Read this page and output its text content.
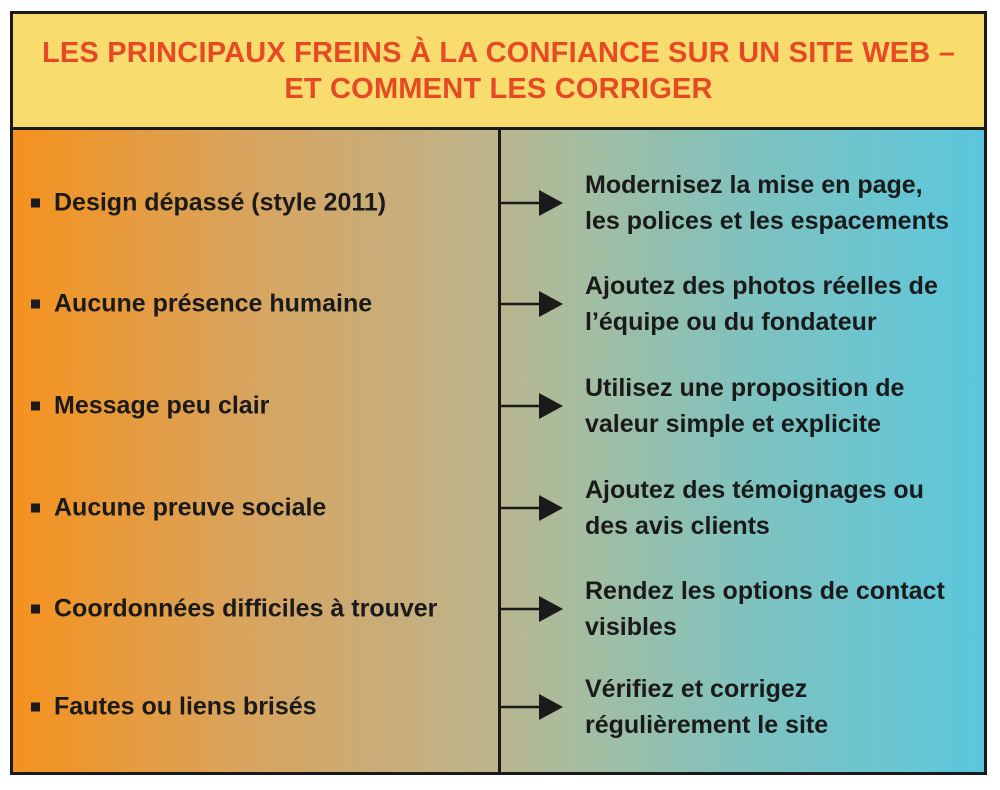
LES PRINCIPAUX FREINS À LA CONFIANCE SUR UN SITE WEB –
ET COMMENT LES CORRIGER
Design dépassé (style 2011)
Modernisez la mise en page,
les polices et les espacements
Aucune présence humaine
Ajoutez des photos réelles de
l’équipe ou du fondateur
Message peu clair
Utilisez une proposition de
valeur simple et explicite
Aucune preuve sociale
Ajoutez des témoignages ou
des avis clients
Coordonnées difficiles à trouver
Rendez les options de contact
visibles
Fautes ou liens brisés
Vérifiez et corrigez
régulièrement le site
